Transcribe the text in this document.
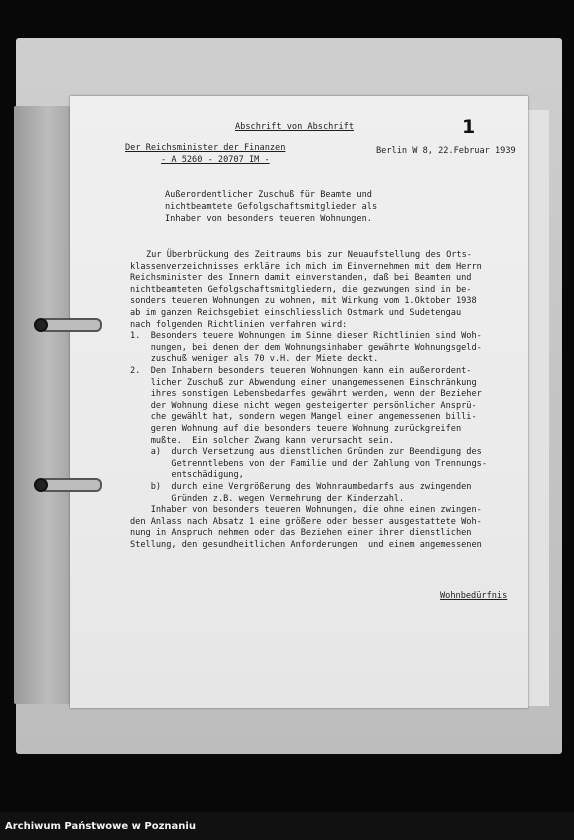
Abschrift von Abschrift	1
Der Reichsminister der Finanzen	Berlin W 8, 22.Februar 1939
- A 5260 - 20707 IM -
Außerordentlicher Zuschuß für Beamte und
nichtbeamtete Gefolgschaftsmitglieder als
Inhaber von besonders teueren Wohnungen.
Zur Überbrückung des Zeitraums bis zur Neuaufstellung des Orts-
klassenverzeichnisses erkläre ich mich im Einvernehmen mit dem Herrn
Reichsminister des Innern damit einverstanden, daß bei Beamten und
nichtbeamteten Gefolgschaftsmitgliedern, die gezwungen sind in be-
sonders teueren Wohnungen zu wohnen, mit Wirkung vom 1.Oktober 1938
ab im ganzen Reichsgebiet einschliesslich Ostmark und Sudetengau
nach folgenden Richtlinien verfahren wird:
1.  Besonders teuere Wohnungen im Sinne dieser Richtlinien sind Woh-
nungen, bei denen der dem Wohnungsinhaber gewährte Wohnungsgeld-
zuschuß weniger als 70 v.H. der Miete deckt.
2.  Den Inhabern besonders teueren Wohnungen kann ein außerordent-
licher Zuschuß zur Abwendung einer unangemessenen Einschränkung
ihres sonstigen Lebensbedarfes gewährt werden, wenn der Bezieher
der Wohnung diese nicht wegen gesteigerter persönlicher Ansprü-
che gewählt hat, sondern wegen Mangel einer angemessenen billi-
geren Wohnung auf die besonders teuere Wohnung zurückgreifen
mußte.  Ein solcher Zwang kann verursacht sein.
a)  durch Versetzung aus dienstlichen Gründen zur Beendigung des
Getrenntlebens von der Familie und der Zahlung von Trennungs-
entschädigung,
b)  durch eine Vergrößerung des Wohnraumbedarfs aus zwingenden
Gründen z.B. wegen Vermehrung der Kinderzahl.
Inhaber von besonders teueren Wohnungen, die ohne einen zwingen-
den Anlass nach Absatz 1 eine größere oder besser ausgestattete Woh-
nung in Anspruch nehmen oder das Beziehen einer ihrer dienstlichen
Stellung, den gesundheitlichen Anforderungen  und einem angemessenen
Wohnbedürfnis
Archiwum Państwowe w Poznaniu
